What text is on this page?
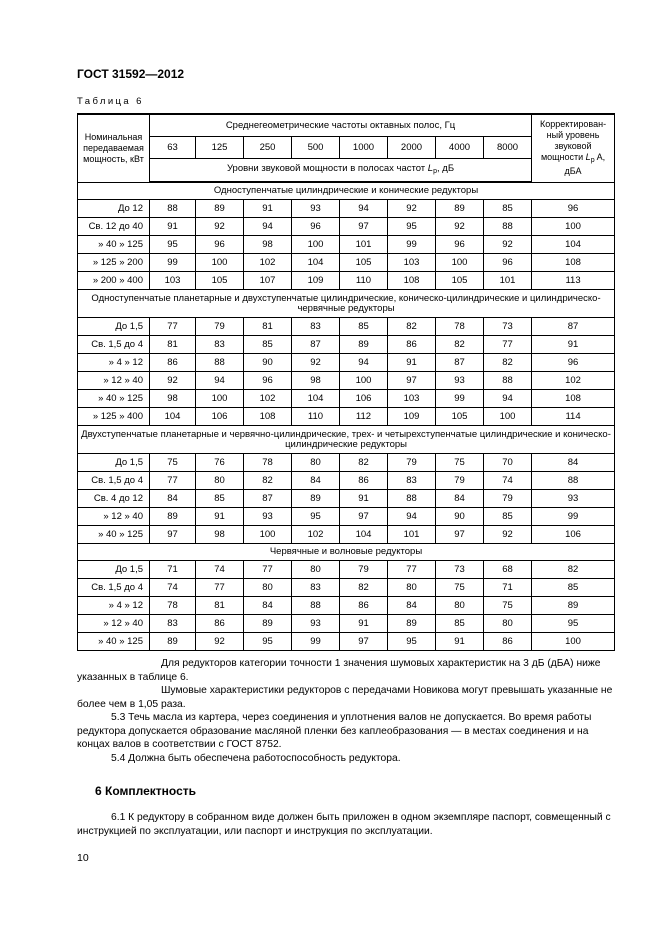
ГОСТ 31592—2012
Таблица 6
Номинальная передаваемая мощность, кВт	Среднегеометрические частоты октавных полос, Гц								Корректирован-ный уровень звуковой мощности $L_p$ A, дБА
	63	125	250	500	1000	2000	4000	8000	
	Уровни звуковой мощности в полосах частот $L_p$, дБ								
Одноступенчатые цилиндрические и конические редукторы									
До 12	88	89	91	93	94	92	89	85	96
Св. 12 до 40	91	92	94	96	97	95	92	88	100
» 40 » 125	95	96	98	100	101	99	96	92	104
» 125 » 200	99	100	102	104	105	103	100	96	108
» 200 » 400	103	105	107	109	110	108	105	101	113
Одноступенчатые планетарные и двухступенчатые цилиндрические, коническо-цилиндрические и цилиндрическо-червячные редукторы									
До 1,5	77	79	81	83	85	82	78	73	87
Св. 1,5 до 4	81	83	85	87	89	86	82	77	91
» 4 » 12	86	88	90	92	94	91	87	82	96
» 12 » 40	92	94	96	98	100	97	93	88	102
» 40 » 125	98	100	102	104	106	103	99	94	108
» 125 » 400	104	106	108	110	112	109	105	100	114
Двухступенчатые планетарные и червячно-цилиндрические, трех- и четырехступенчатые цилиндрические и коническо-цилиндрические редукторы									
До 1,5	75	76	78	80	82	79	75	70	84
Св. 1,5 до 4	77	80	82	84	86	83	79	74	88
Св. 4 до 12	84	85	87	89	91	88	84	79	93
» 12 » 40	89	91	93	95	97	94	90	85	99
» 40 » 125	97	98	100	102	104	101	97	92	106
Червячные и волновые редукторы									
До 1,5	71	74	77	80	79	77	73	68	82
Св. 1,5 до 4	74	77	80	83	82	80	75	71	85
» 4 » 12	78	81	84	88	86	84	80	75	89
» 12 » 40	83	86	89	93	91	89	85	80	95
» 40 » 125	89	92	95	99	97	95	91	86	100
Для редукторов категории точности 1 значения шумовых характеристик на 3 дБ (дБА) ниже указанных в таблице 6.
Шумовые характеристики редукторов с передачами Новикова могут превышать указанные не более чем в 1,05 раза.
5.3 Течь масла из картера, через соединения и уплотнения валов не допускается. Во время работы редуктора допускается образование масляной пленки без каплеобразования — в местах соединения и на концах валов в соответствии с ГОСТ 8752.
5.4 Должна быть обеспечена работоспособность редуктора.
6 Комплектность
6.1 К редуктору в собранном виде должен быть приложен в одном экземпляре паспорт, совмещенный с инструкцией по эксплуатации, или паспорт и инструкция по эксплуатации.
10
